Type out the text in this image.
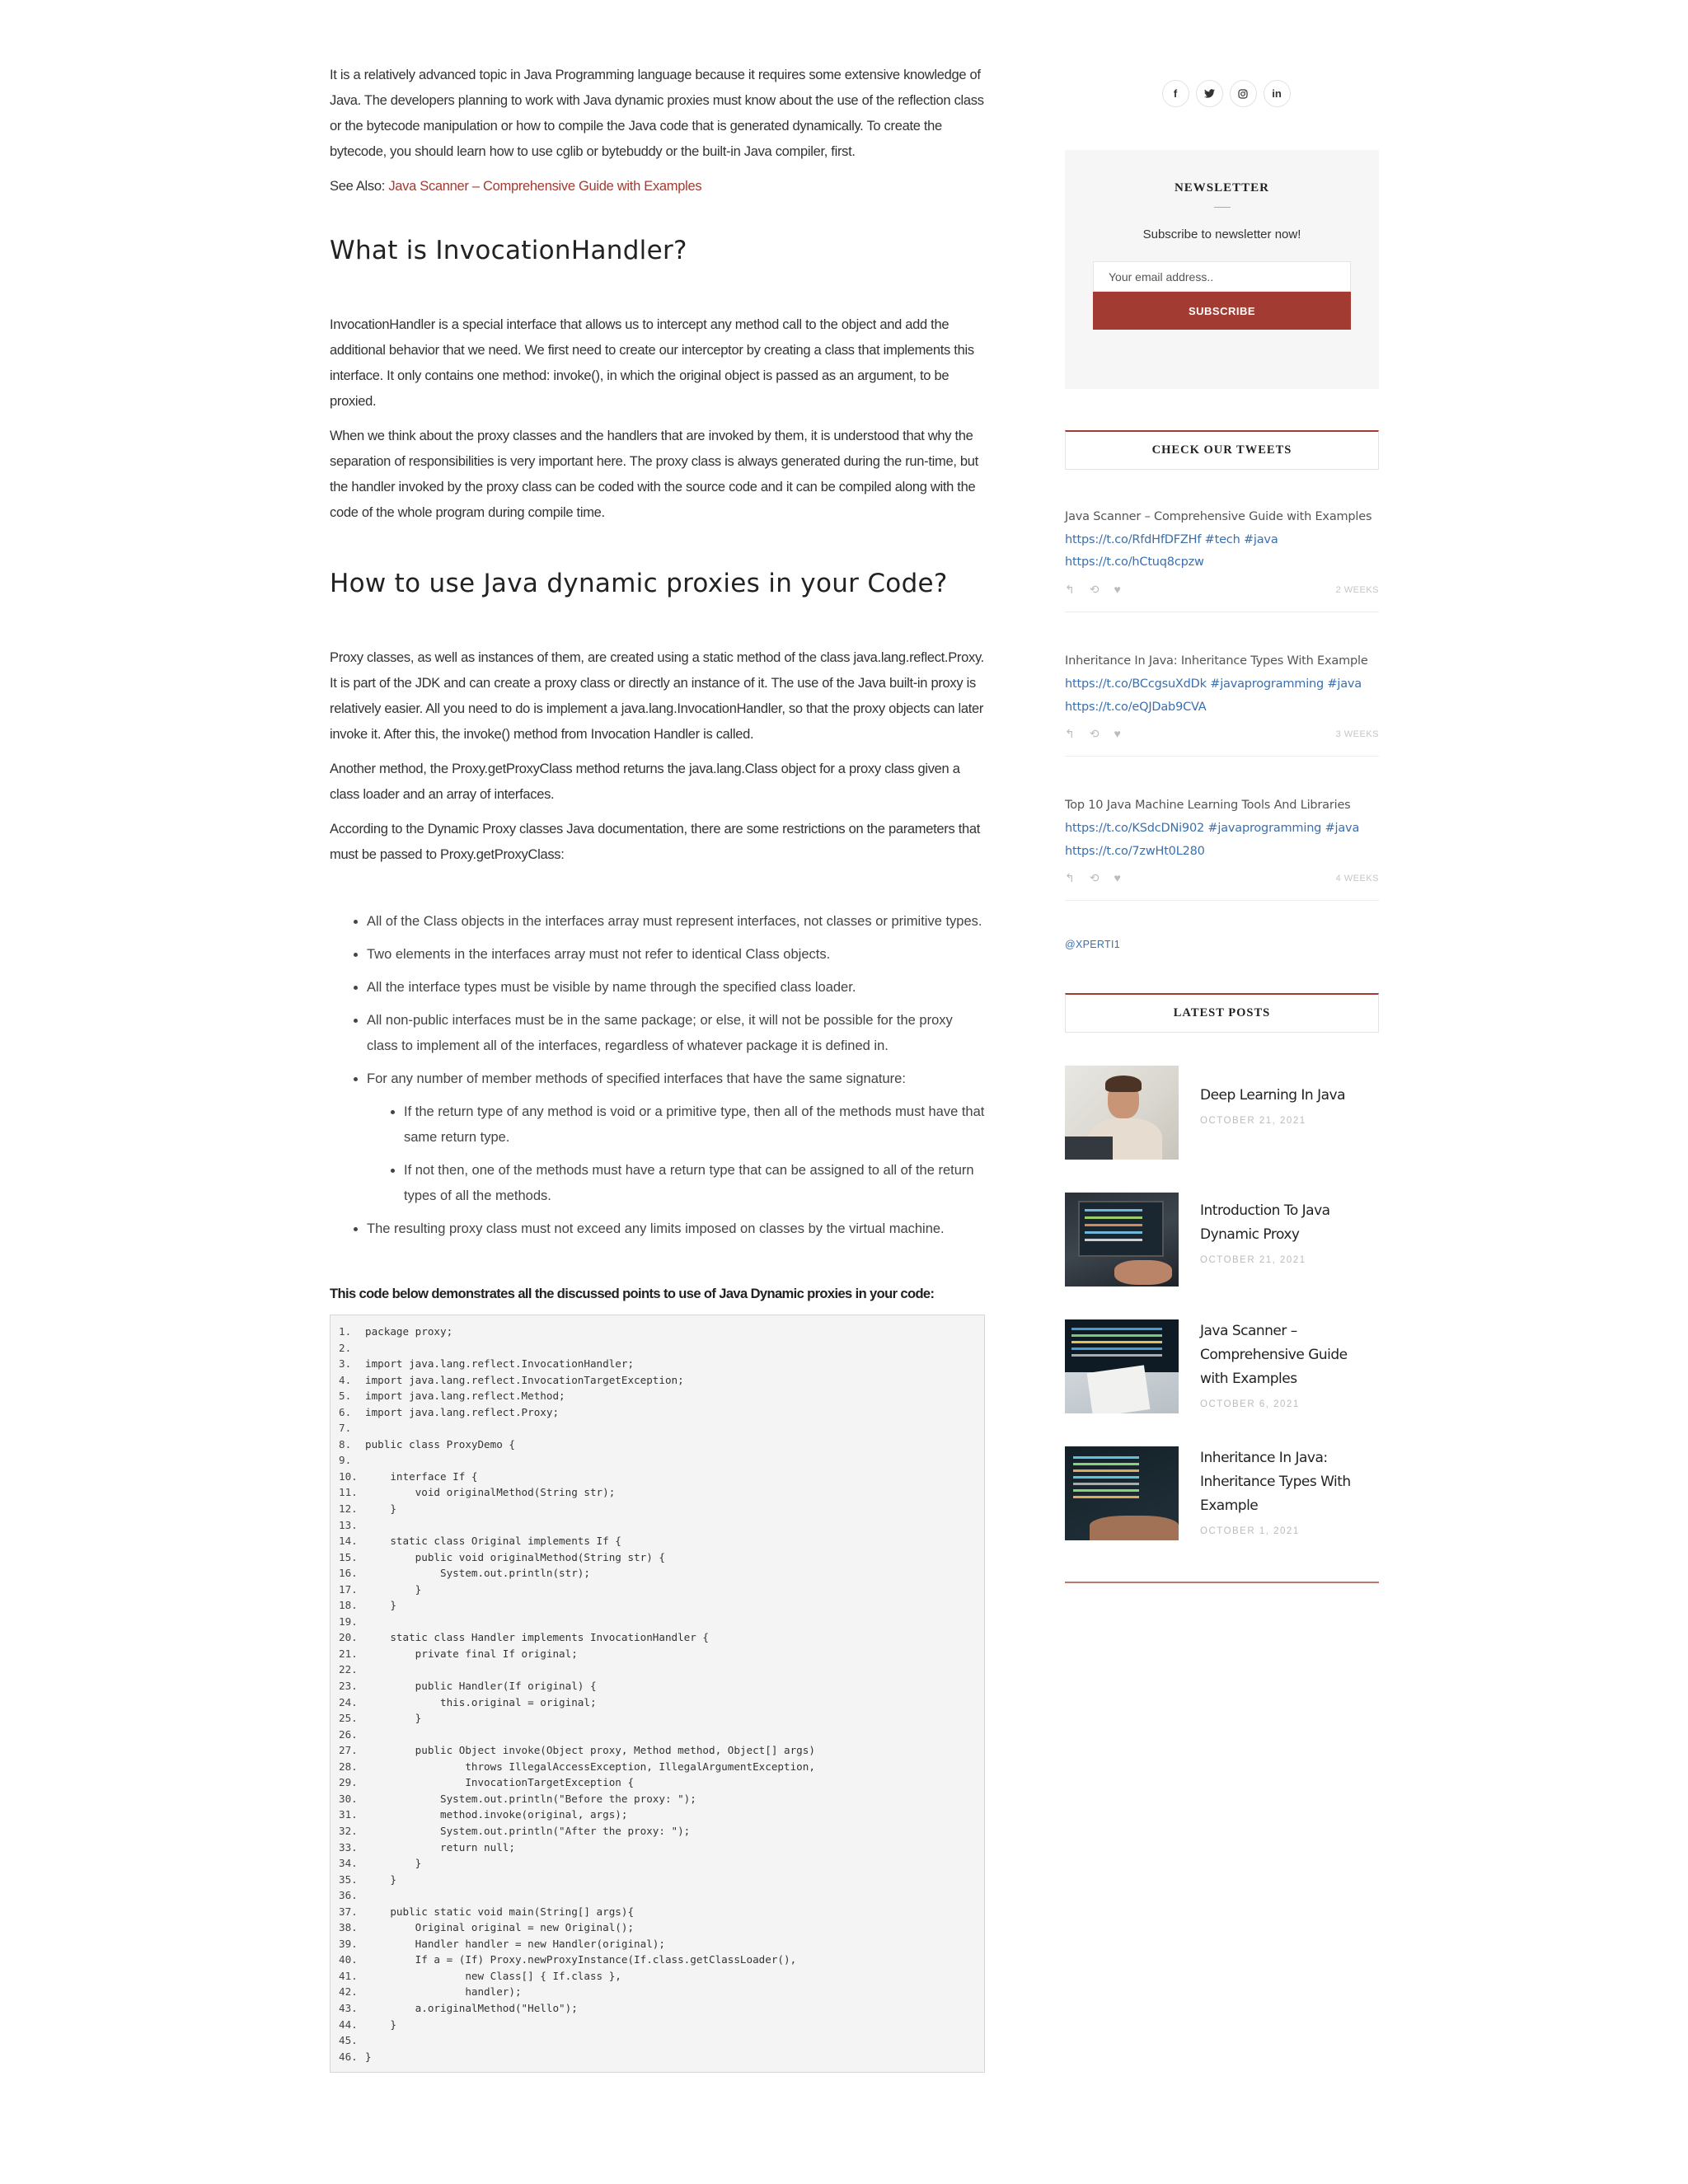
It is a relatively advanced topic in Java Programming language because it requires some extensive knowledge of Java. The developers planning to work with Java dynamic proxies must know about the use of the reflection class or the bytecode manipulation or how to compile the Java code that is generated dynamically. To create the bytecode, you should learn how to use cglib or bytebuddy or the built-in Java compiler, first.

See Also: Java Scanner – Comprehensive Guide with Examples

What is InvocationHandler?

InvocationHandler is a special interface that allows us to intercept any method call to the object and add the additional behavior that we need. We first need to create our interceptor by creating a class that implements this interface. It only contains one method: invoke(), in which the original object is passed as an argument, to be proxied.

When we think about the proxy classes and the handlers that are invoked by them, it is understood that why the separation of responsibilities is very important here. The proxy class is always generated during the run-time, but the handler invoked by the proxy class can be coded with the source code and it can be compiled along with the code of the whole program during compile time.

How to use Java dynamic proxies in your Code?

Proxy classes, as well as instances of them, are created using a static method of the class java.lang.reflect.Proxy. It is part of the JDK and can create a proxy class or directly an instance of it. The use of the Java built-in proxy is relatively easier. All you need to do is implement a java.lang.InvocationHandler, so that the proxy objects can later invoke it. After this, the invoke() method from Invocation Handler is called.

Another method, the Proxy.getProxyClass method returns the java.lang.Class object for a proxy class given a class loader and an array of interfaces.

According to the Dynamic Proxy classes Java documentation, there are some restrictions on the parameters that must be passed to Proxy.getProxyClass:

• All of the Class objects in the interfaces array must represent interfaces, not classes or primitive types.
• Two elements in the interfaces array must not refer to identical Class objects.
• All the interface types must be visible by name through the specified class loader.
• All non-public interfaces must be in the same package; or else, it will not be possible for the proxy class to implement all of the interfaces, regardless of whatever package it is defined in.
• For any number of member methods of specified interfaces that have the same signature:
• If the return type of any method is void or a primitive type, then all of the methods must have that same return type.
• If not then, one of the methods must have a return type that can be assigned to all of the return types of all the methods.
• The resulting proxy class must not exceed any limits imposed on classes by the virtual machine.
This code below demonstrates all the discussed points to use of Java Dynamic proxies in your code:
1.	package proxy;
2.
3.	import java.lang.reflect.InvocationHandler;
4.	import java.lang.reflect.InvocationTargetException;
5.	import java.lang.reflect.Method;
6.	import java.lang.reflect.Proxy;
7.
8.	public class ProxyDemo {
9.
10. interface If {
11. void originalMethod(String str);
12. }
13.
14. static class Original implements If {
15. public void originalMethod(String str) {
16. System.out.println(str);
17. }
18. }
19.
20. static class Handler implements InvocationHandler {
21. private final If original;
22.
23. public Handler(If original) {
24. this.original = original;
25. }
26.
27. public Object invoke(Object proxy, Method method, Object[] args)
28. throws IllegalAccessException, IllegalArgumentException,
29. InvocationTargetException {
30. System.out.println("Before the proxy: ");
31. method.invoke(original, args);
32. System.out.println("After the proxy: ");
33. return null;
34. }
35. }
36.
37. public static void main(String[] args){
38. Original original = new Original();
39. Handler handler = new Handler(original);
40. If a = (If) Proxy.newProxyInstance(If.class.getClassLoader(),
41. new Class[] { If.class },
42. handler);
43. a.originalMethod("Hello");
44. }
45.
46. }
f	in
NEWSLETTER
Subscribe to newsletter now!
Your email address..
SUBSCRIBE
CHECK OUR TWEETS
Java Scanner – Comprehensive Guide with Examples https://t.co/RfdHfDFZHf #tech #java https://t.co/hCtuq8cpzw
↰ ⟲ ♥	2 WEEKS
Inheritance In Java: Inheritance Types With Example https://t.co/BCcgsuXdDk #javaprogramming #java https://t.co/eQJDab9CVA
↰ ⟲ ♥	3 WEEKS
Top 10 Java Machine Learning Tools And Libraries https://t.co/KSdcDNi902 #javaprogramming #java https://t.co/7zwHt0L280
↰ ⟲ ♥	4 WEEKS
@XPERTI1
LATEST POSTS
Deep Learning In Java
OCTOBER 21, 2021
Introduction To Java Dynamic Proxy
OCTOBER 21, 2021
Java Scanner – Comprehensive Guide with Examples
OCTOBER 6, 2021
Inheritance In Java: Inheritance Types With Example
OCTOBER 1, 2021
